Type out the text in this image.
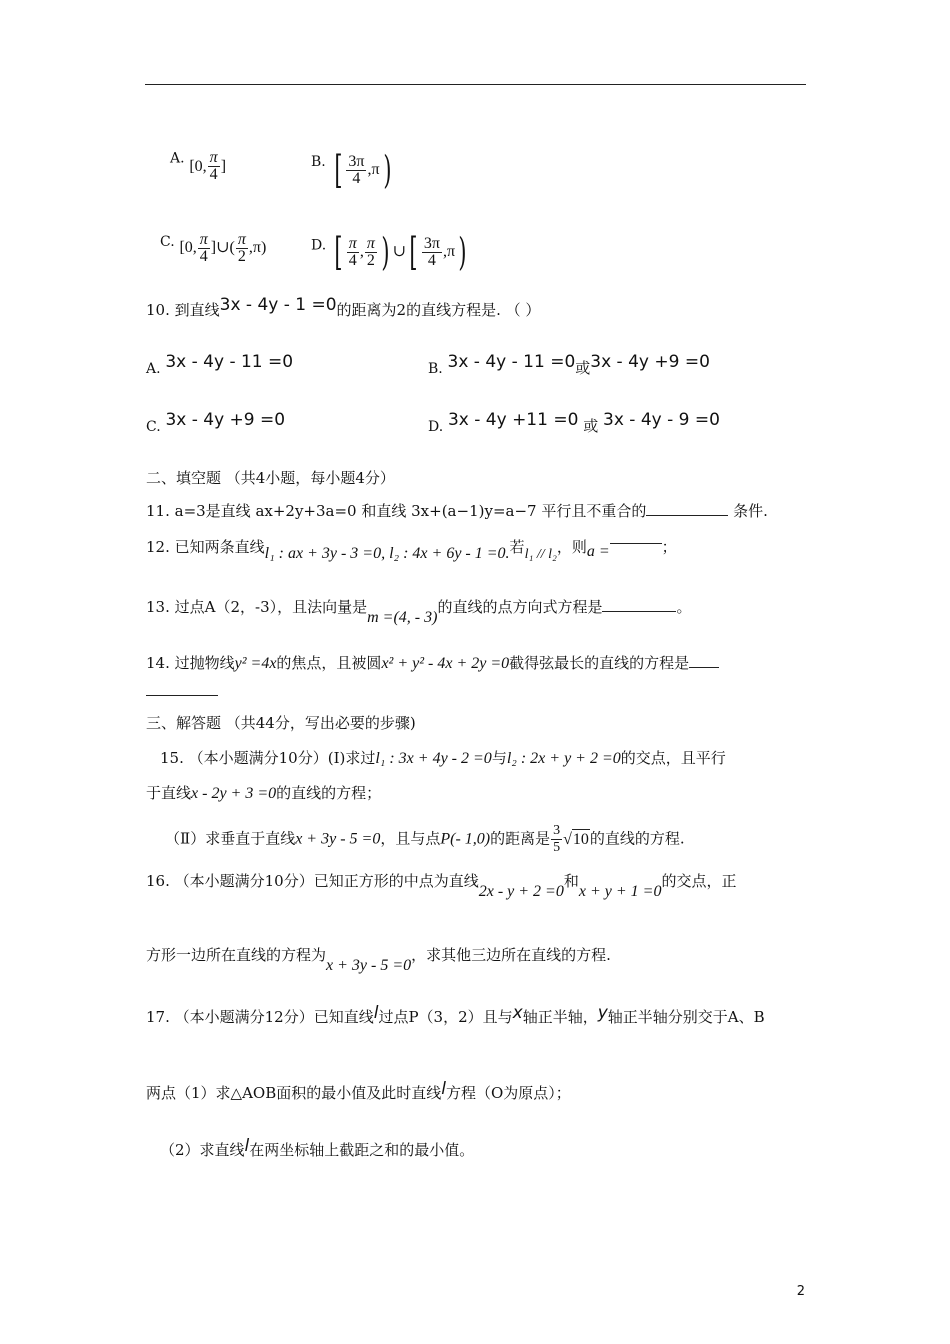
A. [0, $\frac{\pi}{4}$ ]	B. [ $\frac{3\pi}{4} ,\pi$)
C. [0, $\frac{\pi}{4}$ ]∪( $\frac{\pi}{2} ,\pi$)	D. [ $\frac{\pi}{4}$ , $\frac{\pi}{2}$ ) ∪[ $\frac{3\pi}{4} ,\pi$)
10. 到直线3x - 4y - 1 =0的距离为2的直线方程是. （ ）
A. 3x - 4y - 11 =0	B. 3x - 4y - 11 =0或3x - 4y +9 =0
C. 3x - 4y +9 =0	D. 3x - 4y +11 =0 或 3x - 4y - 9 =0
二、填空题 （共4小题，每小题4分）
11. a=3是直线 ax+2y+3a=0 和直线 3x+(a−1)y=a−7 平行且不重合的	条件.
12. 已知两条直线l₁ : ax + 3y - 3 =0, l₂ : 4x + 6y - 1 =0.若l₁ // l₂，则a =	；
13. 过点A（2，-3），且法向量是m =(4, - 3)的直线的点方向式方程是	。
14. 过抛物线y² =4x的焦点，且被圆x² + y² - 4x + 2y =0截得弦最长的直线的方程是
三、解答题 （共44分，写出必要的步骤)
15. （本小题满分10分）(Ⅰ)求过l₁ : 3x + 4y - 2 =0与l₂ : 2x + y + 2 =0的交点，且平行
于直线x - 2y + 3 =0的直线的方程；
（Ⅱ）求垂直于直线x + 3y - 5 =0，且与点P(- 1,0)的距离是 $\frac{3}{5} √10$的直线的方程.
16. （本小题满分10分）已知正方形的中点为直线2x - y + 2 =0和x + y + 1 =0的交点，正
方形一边所在直线的方程为x + 3y - 5 =0，求其他三边所在直线的方程.
17. （本小题满分12分）已知直线l过点P（3，2）且与x轴正半轴，y轴正半轴分别交于A、B
两点（1）求△AOB面积的最小值及此时直线l方程（O为原点）；
（2）求直线l在两坐标轴上截距之和的最小值。
2
